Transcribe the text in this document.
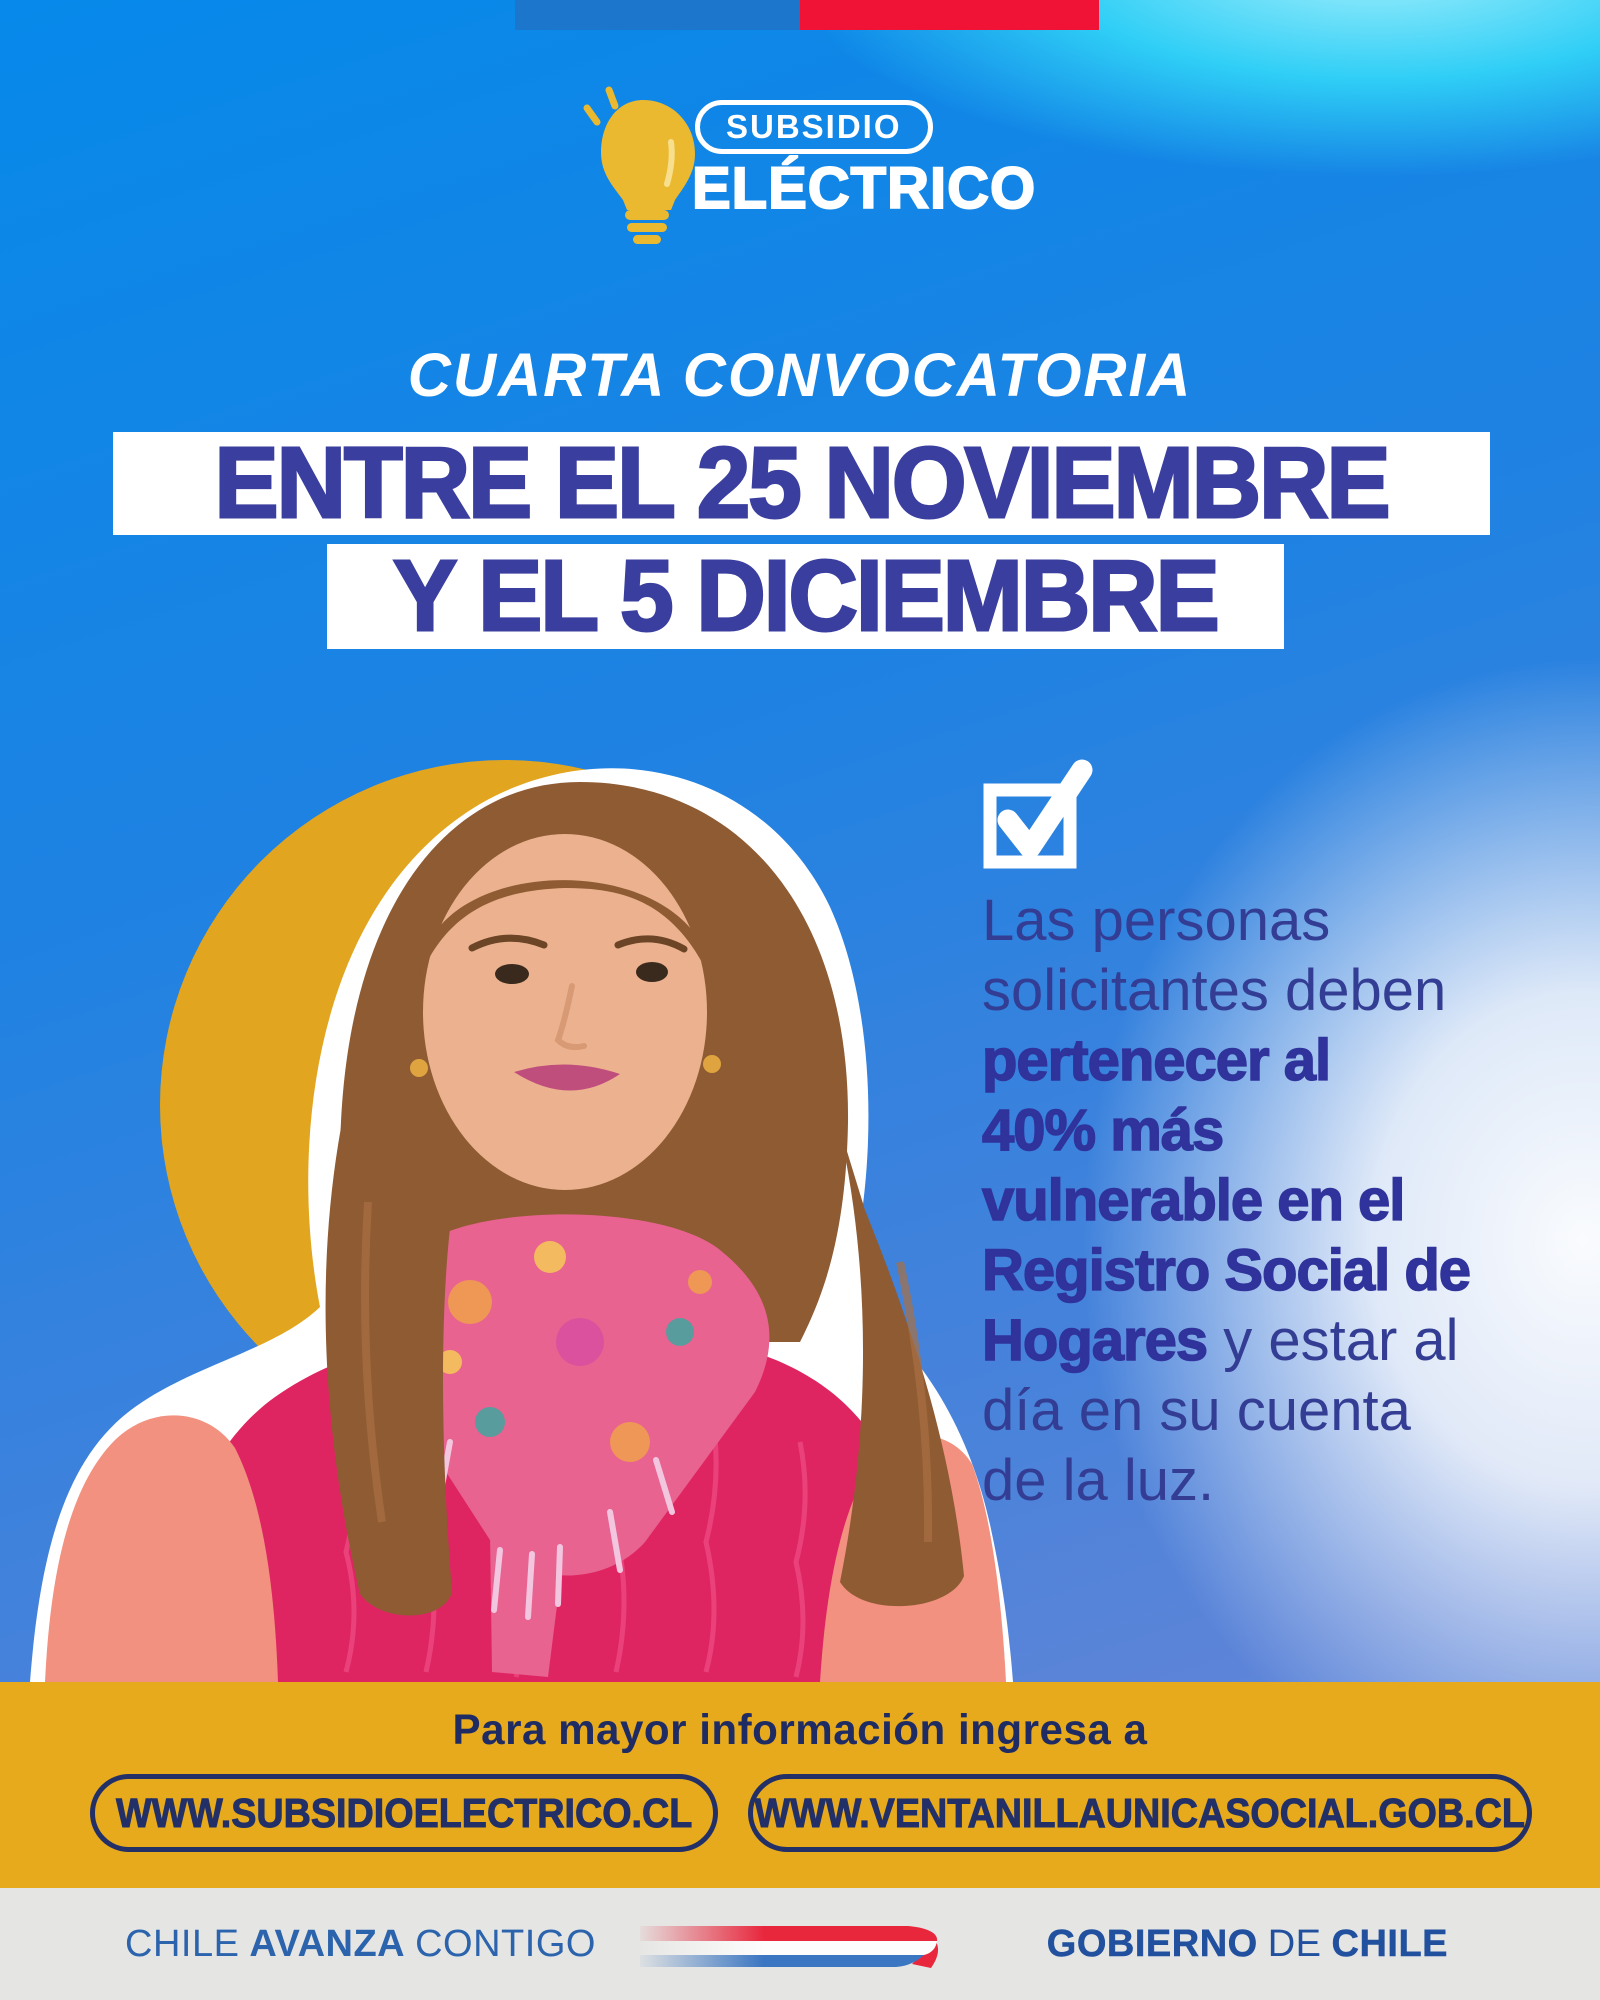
SUBSIDIO
ELÉCTRICO
CUARTA CONVOCATORIA
ENTRE EL 25 NOVIEMBRE
Y EL 5 DICIEMBRE
Las personas
solicitantes deben
pertenecer al
40% más
vulnerable en el
Registro Social de
Hogares y estar al
día en su cuenta
de la luz.
Para mayor información ingresa a
WWW.SUBSIDIOELECTRICO.CL WWW.VENTANILLAUNICASOCIAL.GOB.CL
CHILE AVANZA CONTIGO	GOBIERNO DE CHILE
